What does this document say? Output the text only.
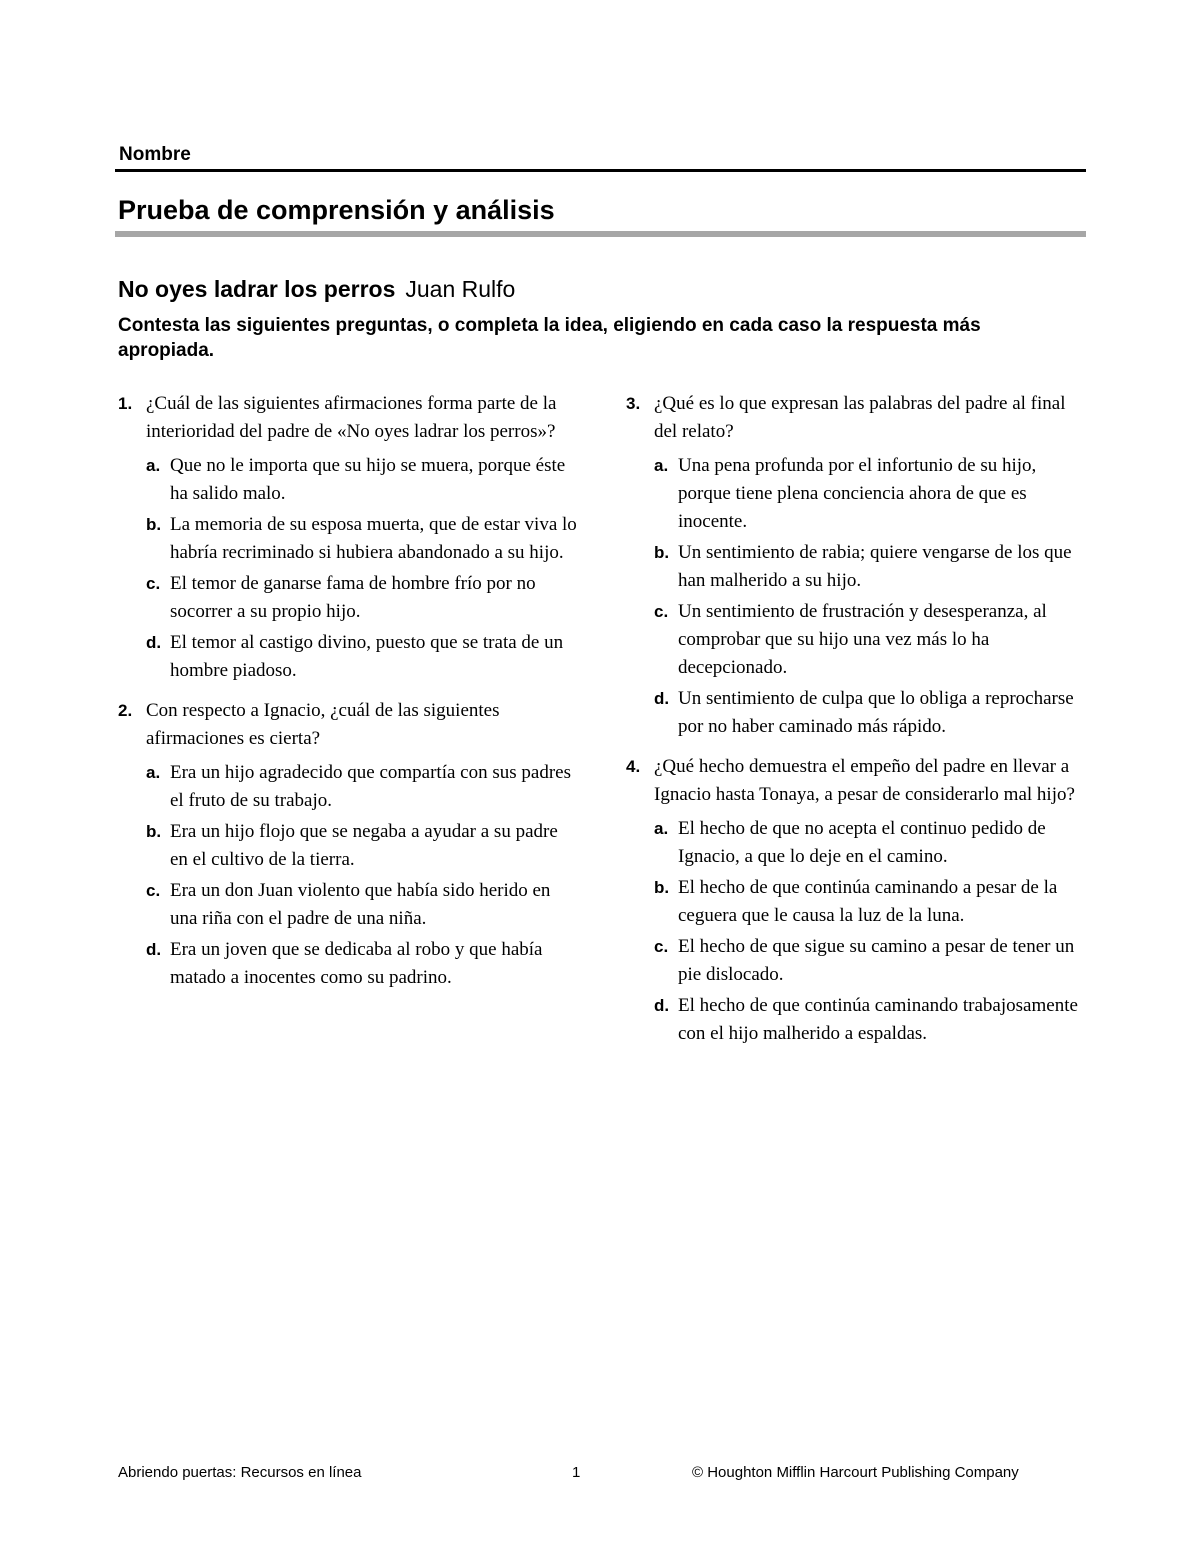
Nombre
Prueba de comprensión y análisis
No oyes ladrar los perros Juan Rulfo
Contesta las siguientes preguntas, o completa la idea, eligiendo en cada caso la respuesta más apropiada.
1. ¿Cuál de las siguientes afirmaciones forma parte de la interioridad del padre de «No oyes ladrar los perros»?
a. Que no le importa que su hijo se muera, porque éste ha salido malo.
b. La memoria de su esposa muerta, que de estar viva lo habría recriminado si hubiera abandonado a su hijo.
c. El temor de ganarse fama de hombre frío por no socorrer a su propio hijo.
d. El temor al castigo divino, puesto que se trata de un hombre piadoso.
2. Con respecto a Ignacio, ¿cuál de las siguientes afirmaciones es cierta?
a. Era un hijo agradecido que compartía con sus padres el fruto de su trabajo.
b. Era un hijo flojo que se negaba a ayudar a su padre en el cultivo de la tierra.
c. Era un don Juan violento que había sido herido en una riña con el padre de una niña.
d. Era un joven que se dedicaba al robo y que había matado a inocentes como su padrino.
3. ¿Qué es lo que expresan las palabras del padre al final del relato?
a. Una pena profunda por el infortunio de su hijo, porque tiene plena conciencia ahora de que es inocente.
b. Un sentimiento de rabia; quiere vengarse de los que han malherido a su hijo.
c. Un sentimiento de frustración y desesperanza, al comprobar que su hijo una vez más lo ha decepcionado.
d. Un sentimiento de culpa que lo obliga a reprocharse por no haber caminado más rápido.
4. ¿Qué hecho demuestra el empeño del padre en llevar a Ignacio hasta Tonaya, a pesar de considerarlo mal hijo?
a. El hecho de que no acepta el continuo pedido de Ignacio, a que lo deje en el camino.
b. El hecho de que continúa caminando a pesar de la ceguera que le causa la luz de la luna.
c. El hecho de que sigue su camino a pesar de tener un pie dislocado.
d. El hecho de que continúa caminando trabajosamente con el hijo malherido a espaldas.
Abriendo puertas: Recursos en línea	1	© Houghton Mifflin Harcourt Publishing Company
